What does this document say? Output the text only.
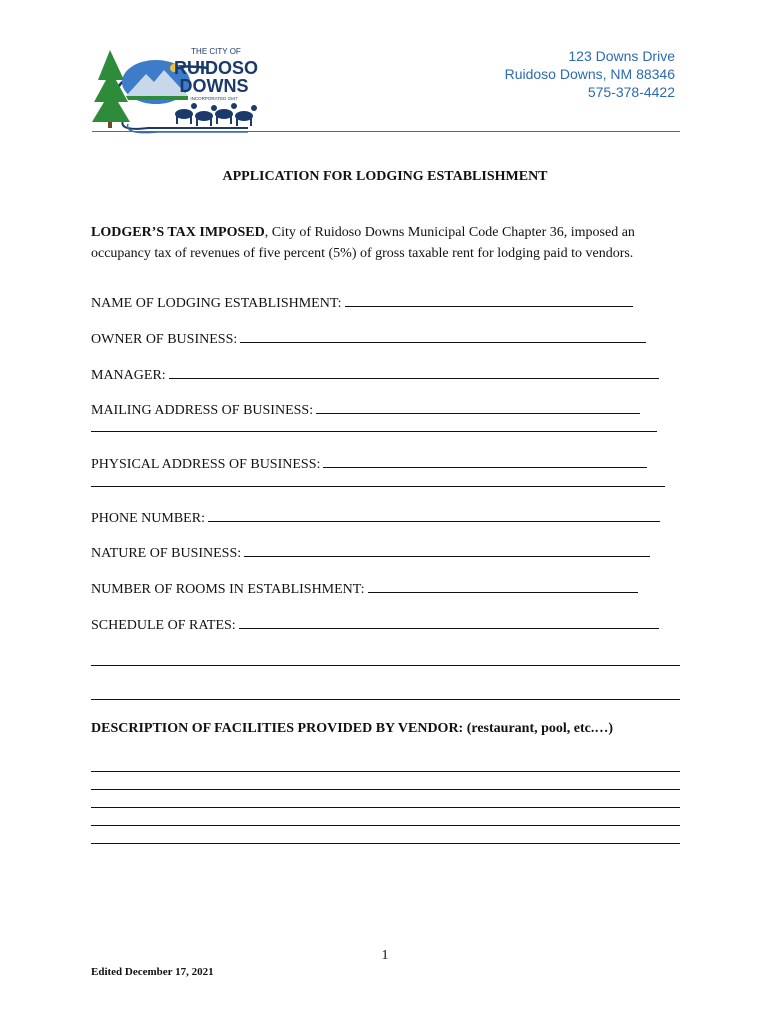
THE CITY OF
RUIDOSO
DOWNS
INCORPORATED 1947
123 Downs Drive
Ruidoso Downs, NM 88346
575-378-4422
APPLICATION FOR LODGING ESTABLISHMENT
LODGER’S TAX IMPOSED, City of Ruidoso Downs Municipal Code Chapter 36, imposed an occupancy tax of revenues of five percent (5%) of gross taxable rent for lodging paid to vendors.
NAME OF LODGING ESTABLISHMENT:
OWNER OF BUSINESS:
MANAGER:
MAILING ADDRESS OF BUSINESS:
PHYSICAL ADDRESS OF BUSINESS:
PHONE NUMBER:
NATURE OF BUSINESS:
NUMBER OF ROOMS IN ESTABLISHMENT:
SCHEDULE OF RATES:
DESCRIPTION OF FACILITIES PROVIDED BY VENDOR: (restaurant, pool, etc.…)
1
Edited December 17, 2021
